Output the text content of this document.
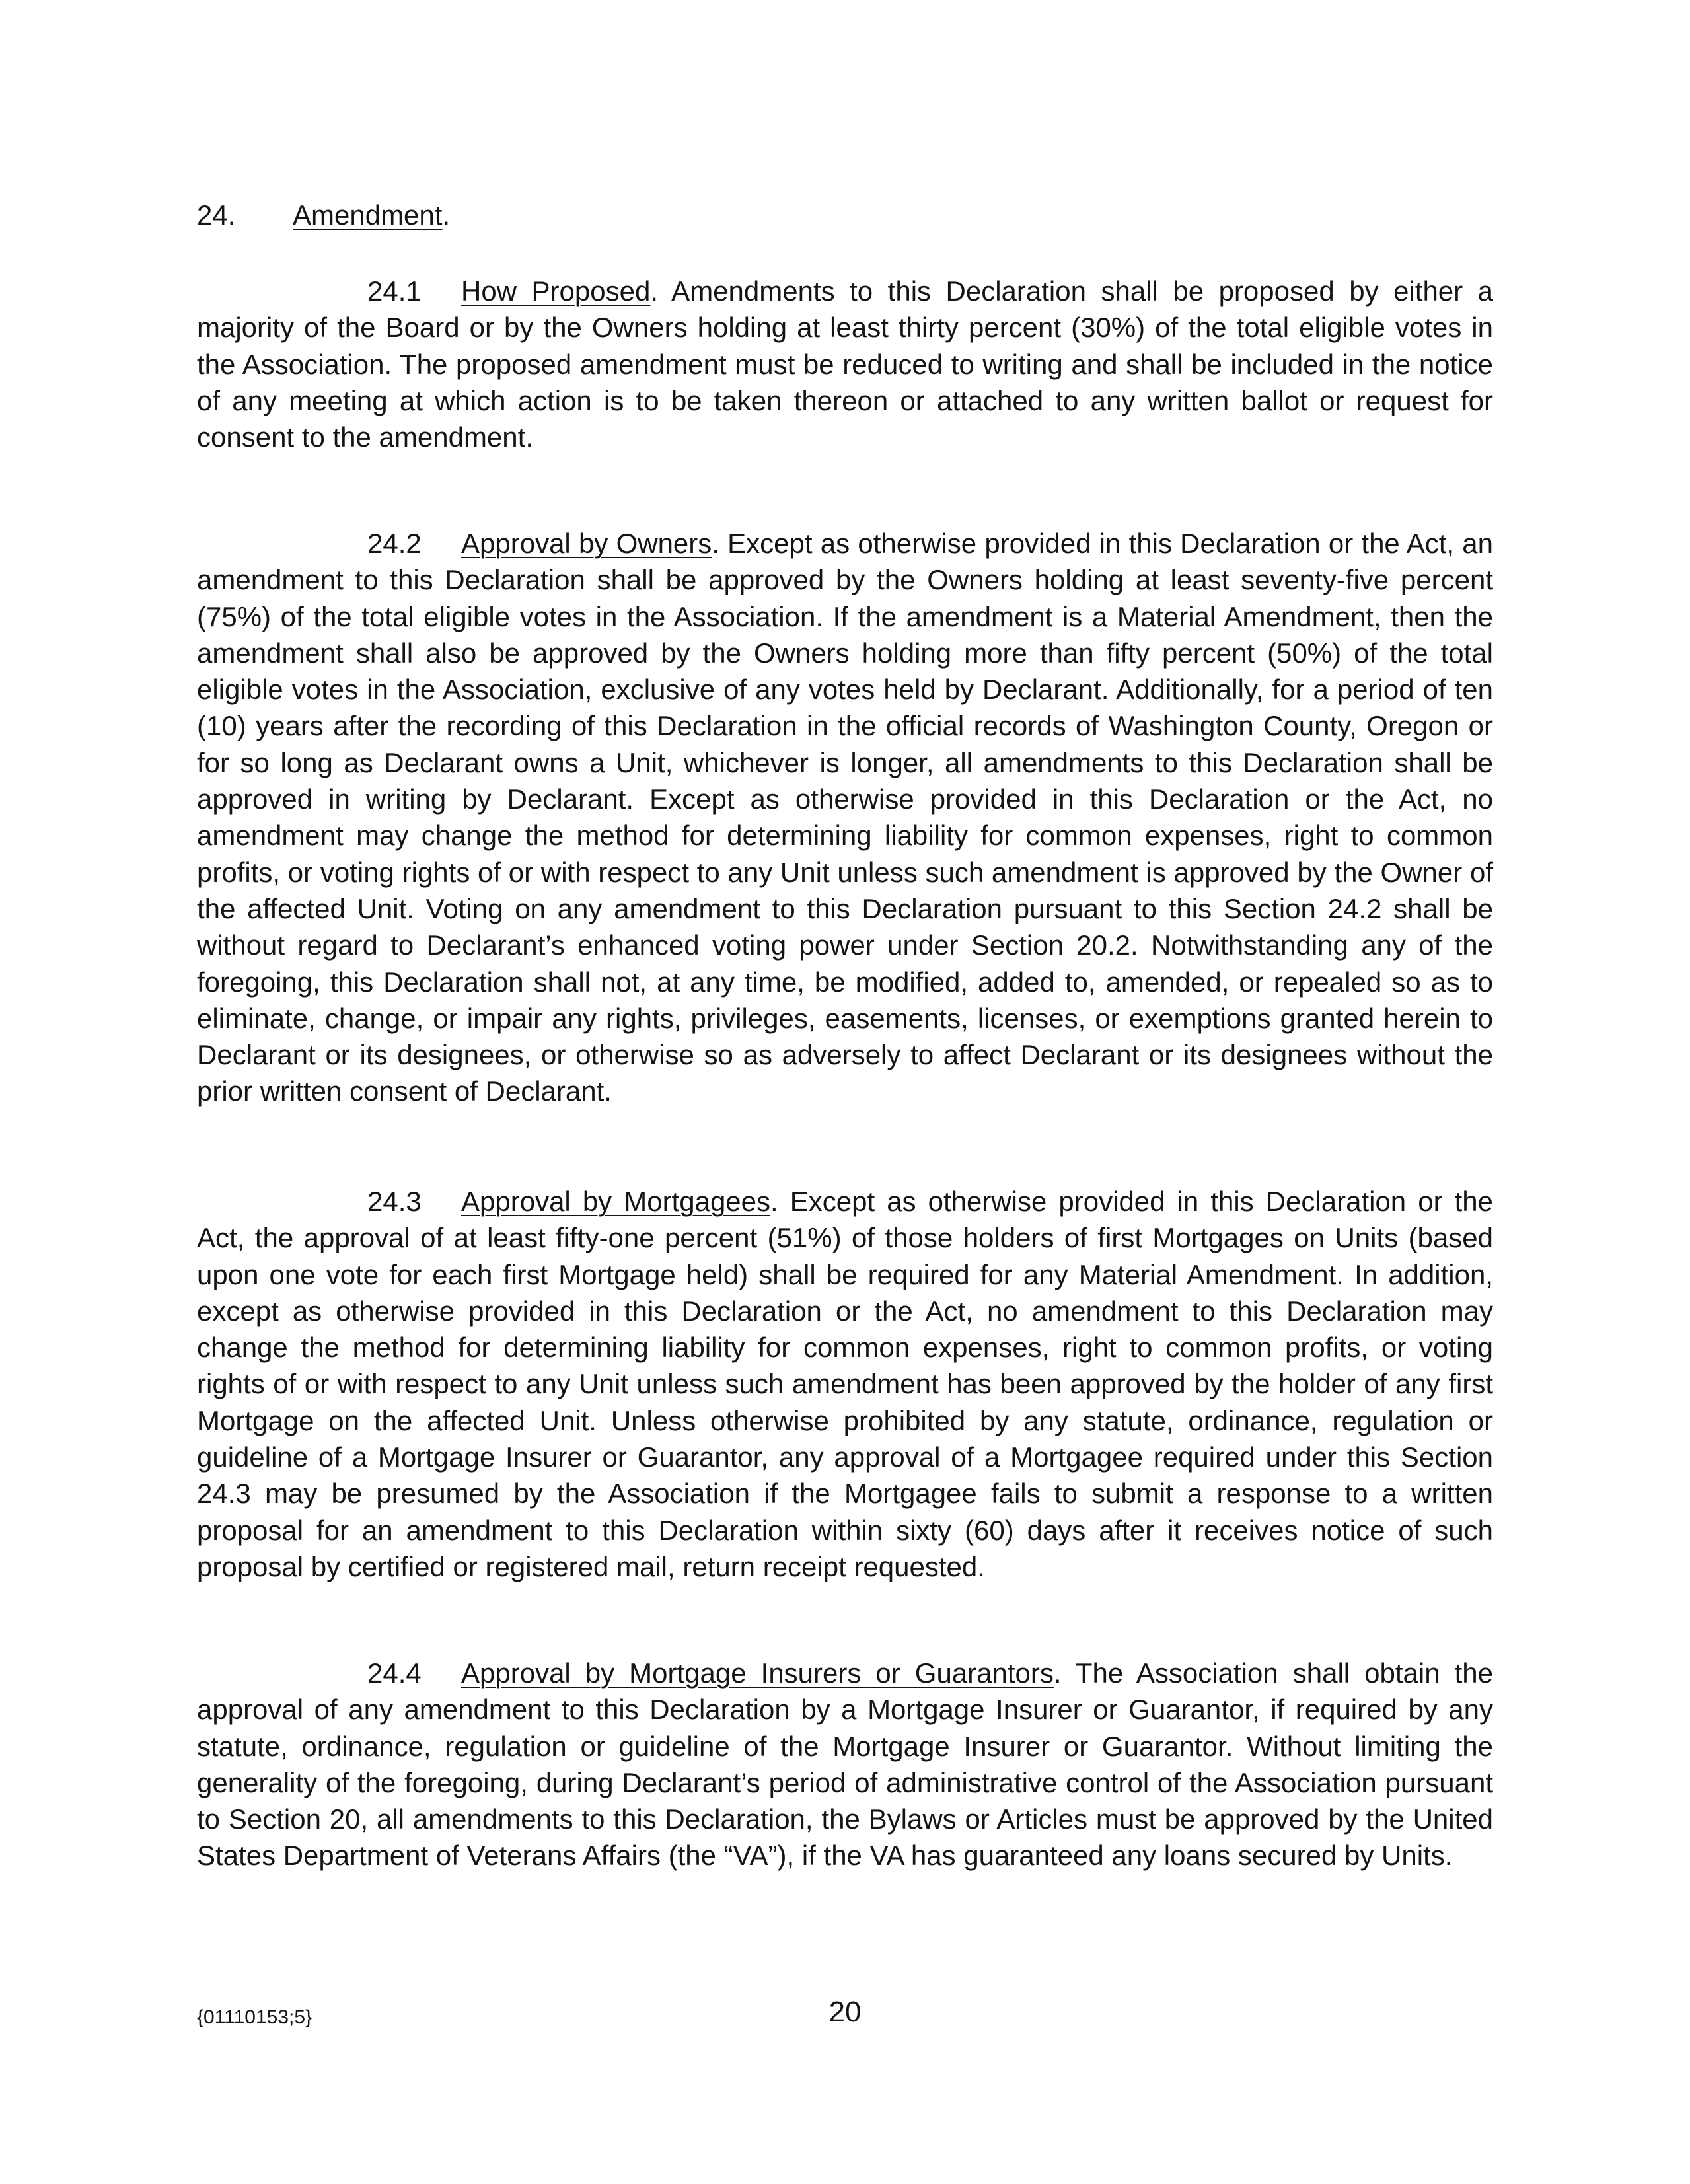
24. Amendment.

24.1 How Proposed. Amendments to this Declaration shall be proposed by either a majority of the Board or by the Owners holding at least thirty percent (30%) of the total eligible votes in the Association. The proposed amendment must be reduced to writing and shall be included in the notice of any meeting at which action is to be taken thereon or attached to any written ballot or request for consent to the amendment.

24.2 Approval by Owners. Except as otherwise provided in this Declaration or the Act, an amendment to this Declaration shall be approved by the Owners holding at least seventy-five percent (75%) of the total eligible votes in the Association. If the amendment is a Material Amendment, then the amendment shall also be approved by the Owners holding more than fifty percent (50%) of the total eligible votes in the Association, exclusive of any votes held by Declarant. Additionally, for a period of ten (10) years after the recording of this Declaration in the official records of Washington County, Oregon or for so long as Declarant owns a Unit, whichever is longer, all amendments to this Declaration shall be approved in writing by Declarant. Except as otherwise provided in this Declaration or the Act, no amendment may change the method for determining liability for common expenses, right to common profits, or voting rights of or with respect to any Unit unless such amendment is approved by the Owner of the affected Unit. Voting on any amendment to this Declaration pursuant to this Section 24.2 shall be without regard to Declarant’s enhanced voting power under Section 20.2. Notwithstanding any of the foregoing, this Declaration shall not, at any time, be modified, added to, amended, or repealed so as to eliminate, change, or impair any rights, privileges, easements, licenses, or exemptions granted herein to Declarant or its designees, or otherwise so as adversely to affect Declarant or its designees without the prior written consent of Declarant.

24.3 Approval by Mortgagees. Except as otherwise provided in this Declaration or the Act, the approval of at least fifty-one percent (51%) of those holders of first Mortgages on Units (based upon one vote for each first Mortgage held) shall be required for any Material Amendment. In addition, except as otherwise provided in this Declaration or the Act, no amendment to this Declaration may change the method for determining liability for common expenses, right to common profits, or voting rights of or with respect to any Unit unless such amendment has been approved by the holder of any first Mortgage on the affected Unit. Unless otherwise prohibited by any statute, ordinance, regulation or guideline of a Mortgage Insurer or Guarantor, any approval of a Mortgagee required under this Section 24.3 may be presumed by the Association if the Mortgagee fails to submit a response to a written proposal for an amendment to this Declaration within sixty (60) days after it receives notice of such proposal by certified or registered mail, return receipt requested.

24.4 Approval by Mortgage Insurers or Guarantors. The Association shall obtain the approval of any amendment to this Declaration by a Mortgage Insurer or Guarantor, if required by any statute, ordinance, regulation or guideline of the Mortgage Insurer or Guarantor. Without limiting the generality of the foregoing, during Declarant’s period of administrative control of the Association pursuant to Section 20, all amendments to this Declaration, the Bylaws or Articles must be approved by the United States Department of Veterans Affairs (the “VA”), if the VA has guaranteed any loans secured by Units.

{01110153;5}	20
